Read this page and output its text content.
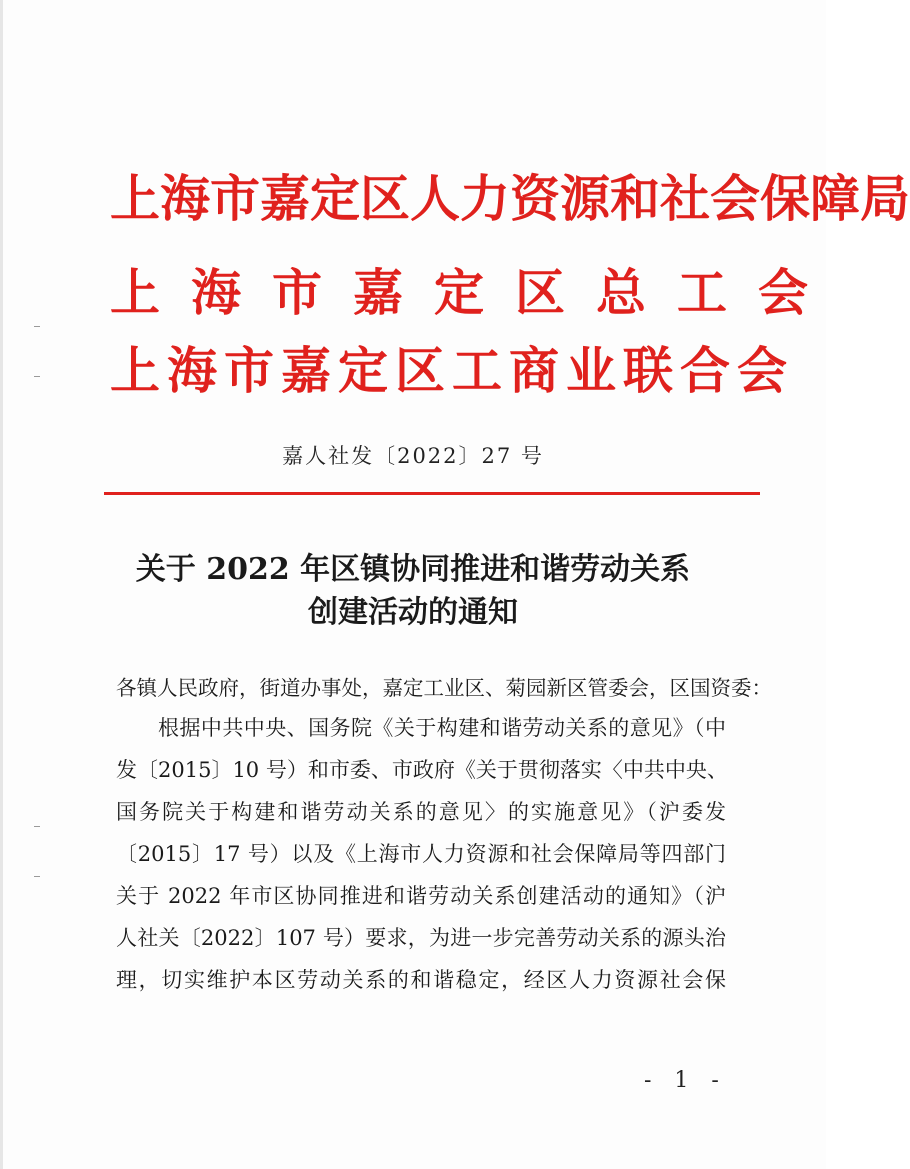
上海市嘉定区人力资源和社会保障局
上海市嘉定区总工会
上海市嘉定区工商业联合会
嘉人社发〔2022〕27 号
关于 2022 年区镇协同推进和谐劳动关系
创建活动的通知
各镇人民政府，街道办事处，嘉定工业区、菊园新区管委会，区国资委：
根据中共中央、国务院《关于构建和谐劳动关系的意见》（中
发〔2015〕10 号）和市委、市政府《关于贯彻落实〈中共中央、
国务院关于构建和谐劳动关系的意见〉的实施意见》（沪委发
〔2015〕17 号）以及《上海市人力资源和社会保障局等四部门
关于 2022 年市区协同推进和谐劳动关系创建活动的通知》（沪
人社关〔2022〕107 号）要求，为进一步完善劳动关系的源头治
理，切实维护本区劳动关系的和谐稳定，经区人力资源社会保
- 1 -
